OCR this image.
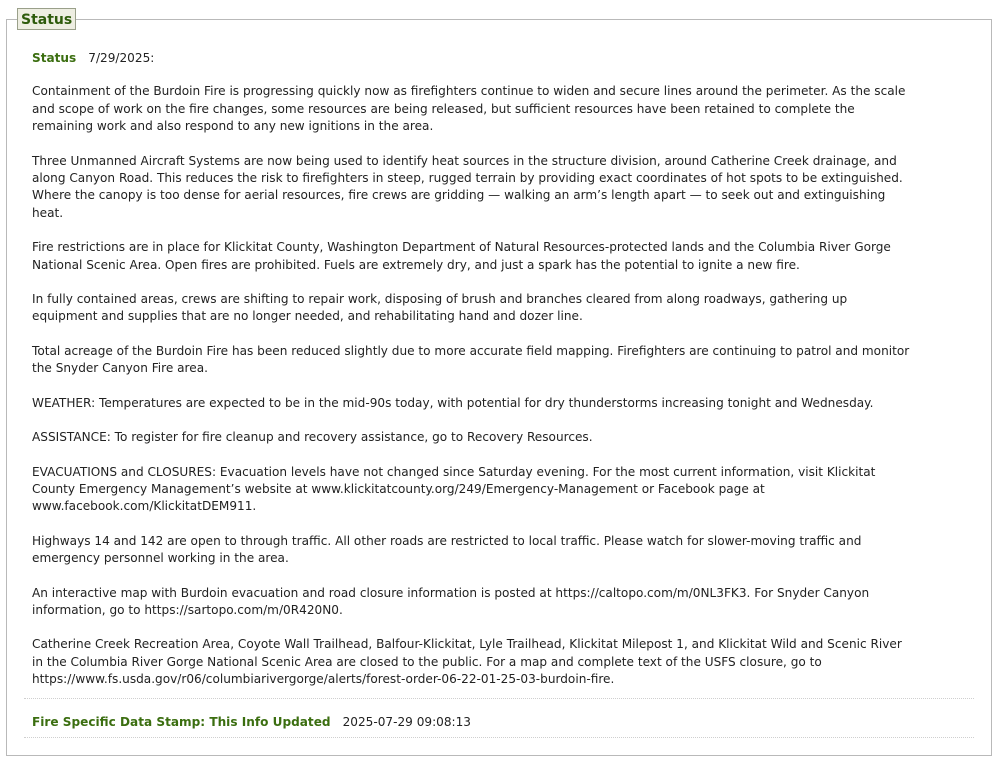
Status
Status 7/29/2025:

Containment of the Burdoin Fire is progressing quickly now as firefighters continue to widen and secure lines around the perimeter. As the scale and scope of work on the fire changes, some resources are being released, but sufficient resources have been retained to complete the remaining work and also respond to any new ignitions in the area.

Three Unmanned Aircraft Systems are now being used to identify heat sources in the structure division, around Catherine Creek drainage, and along Canyon Road. This reduces the risk to firefighters in steep, rugged terrain by providing exact coordinates of hot spots to be extinguished. Where the canopy is too dense for aerial resources, fire crews are gridding — walking an arm’s length apart — to seek out and extinguishing heat.

Fire restrictions are in place for Klickitat County, Washington Department of Natural Resources-protected lands and the Columbia River Gorge National Scenic Area. Open fires are prohibited. Fuels are extremely dry, and just a spark has the potential to ignite a new fire.

In fully contained areas, crews are shifting to repair work, disposing of brush and branches cleared from along roadways, gathering up equipment and supplies that are no longer needed, and rehabilitating hand and dozer line.

Total acreage of the Burdoin Fire has been reduced slightly due to more accurate field mapping. Firefighters are continuing to patrol and monitor the Snyder Canyon Fire area.

WEATHER: Temperatures are expected to be in the mid-90s today, with potential for dry thunderstorms increasing tonight and Wednesday.

ASSISTANCE: To register for fire cleanup and recovery assistance, go to Recovery Resources.

EVACUATIONS and CLOSURES: Evacuation levels have not changed since Saturday evening. For the most current information, visit Klickitat County Emergency Management’s website at www.klickitatcounty.org/249/Emergency-Management or Facebook page at www.facebook.com/KlickitatDEM911.

Highways 14 and 142 are open to through traffic. All other roads are restricted to local traffic. Please watch for slower-moving traffic and emergency personnel working in the area.

An interactive map with Burdoin evacuation and road closure information is posted at https://caltopo.com/m/0NL3FK3. For Snyder Canyon information, go to https://sartopo.com/m/0R420N0.

Catherine Creek Recreation Area, Coyote Wall Trailhead, Balfour-Klickitat, Lyle Trailhead, Klickitat Milepost 1, and Klickitat Wild and Scenic River in the Columbia River Gorge National Scenic Area are closed to the public. For a map and complete text of the USFS closure, go to https://www.fs.usda.gov/r06/columbiarivergorge/alerts/forest-order-06-22-01-25-03-burdoin-fire.

Fire Specific Data Stamp: This Info Updated 2025-07-29 09:08:13
